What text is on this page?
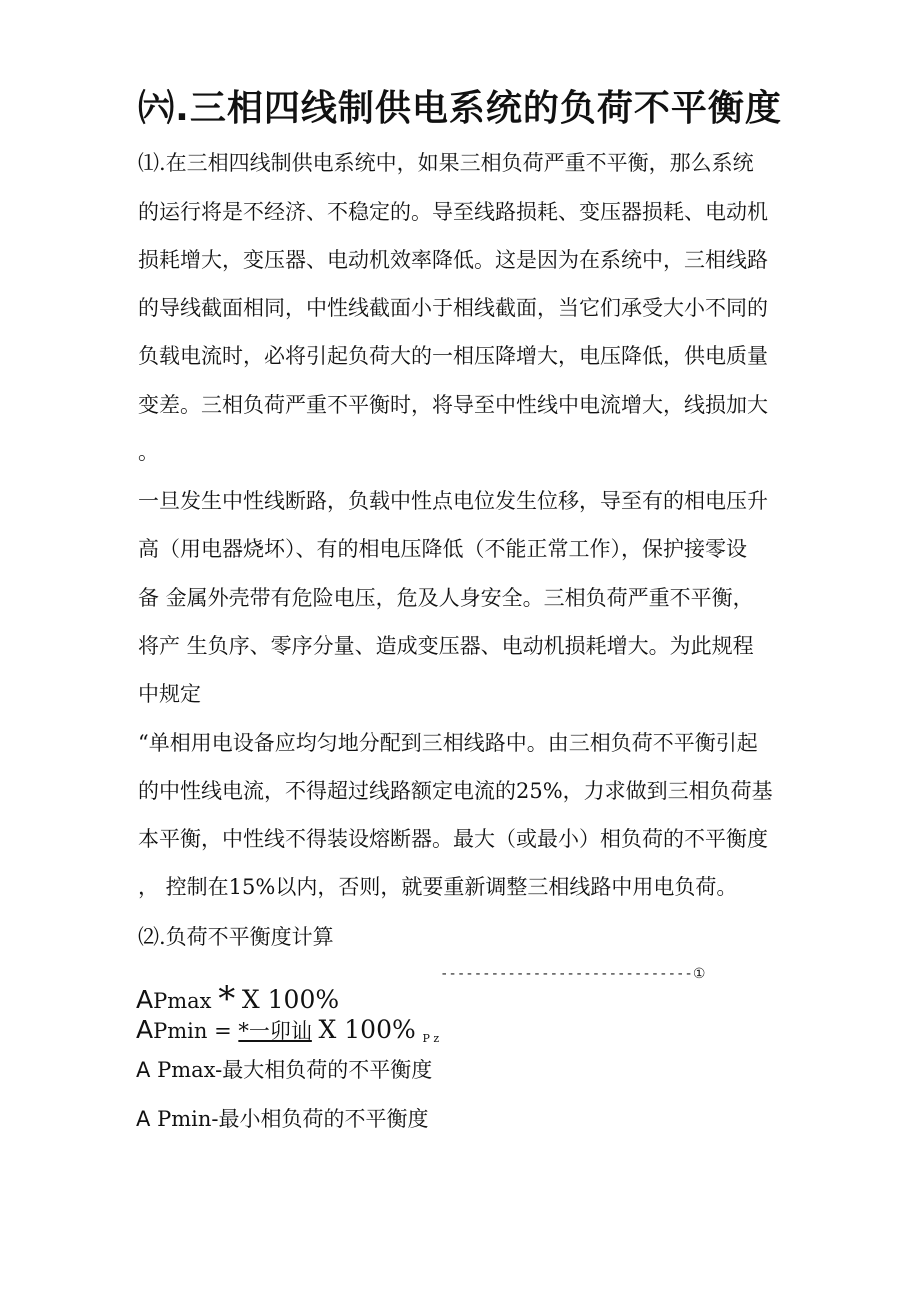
㈥.三相四线制供电系统的负荷不平衡度

⑴.在三相四线制供电系统中，如果三相负荷严重不平衡，那么系统

的运行将是不经济、不稳定的。导至线路损耗、变压器损耗、电动机

损耗增大，变压器、电动机效率降低。这是因为在系统中，三相线路

的导线截面相同，中性线截面小于相线截面，当它们承受大小不同的

负载电流时，必将引起负荷大的一相压降增大，电压降低，供电质量

变差。三相负荷严重不平衡时，将导至中性线中电流增大，线损加大

。

一旦发生中性线断路，负载中性点电位发生位移，导至有的相电压升

高（用电器烧坏）、有的相电压降低（不能正常工作），保护接零设

备 金属外壳带有危险电压，危及人身安全。三相负荷严重不平衡，

将产 生负序、零序分量、造成变压器、电动机损耗增大。为此规程

中规定

“单相用电设备应均匀地分配到三相线路中。由三相负荷不平衡引起

的中性线电流，不得超过线路额定电流的25%，力求做到三相负荷基

本平衡，中性线不得装设熔断器。最大（或最小）相负荷的不平衡度

， 控制在15%以内，否则，就要重新调整三相线路中用电负荷。

⑵.负荷不平衡度计算

------------------------------①
APmax * X 100%
APmin = *一卯讪 X 100% $_{P z}$
A Pmax-最大相负荷的不平衡度
A Pmin-最小相负荷的不平衡度
